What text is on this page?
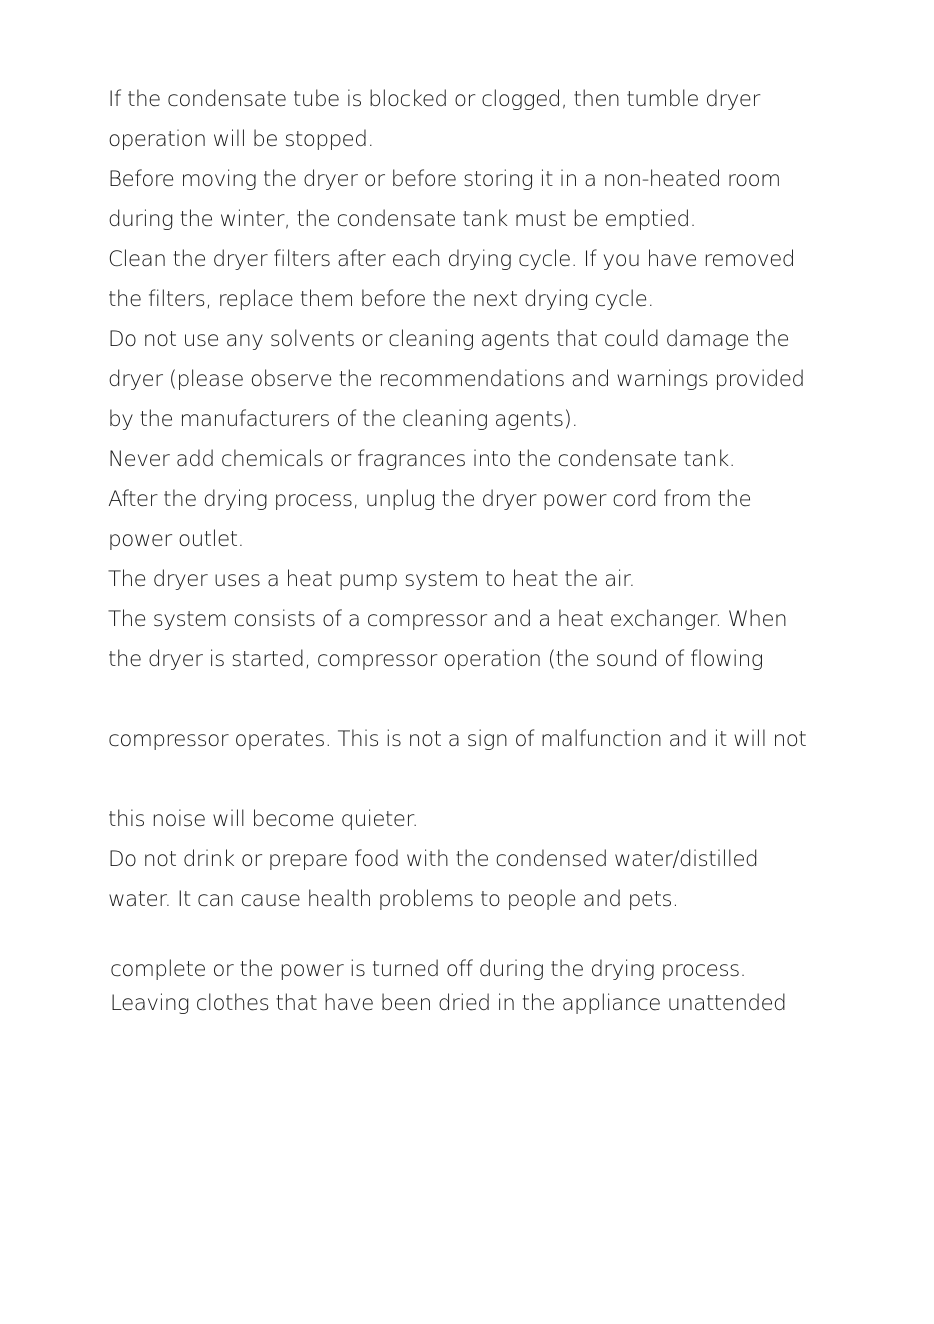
If the condensate tube is blocked or clogged, then tumble dryer
operation will be stopped.
Before moving the dryer or before storing it in a non-heated room
during the winter, the condensate tank must be emptied.
Clean the dryer filters after each drying cycle. If you have removed
the filters, replace them before the next drying cycle.
Do not use any solvents or cleaning agents that could damage the
dryer (please observe the recommendations and warnings provided
by the manufacturers of the cleaning agents).
Never add chemicals or fragrances into the condensate tank.
After the drying process, unplug the dryer power cord from the
power outlet.
The dryer uses a heat pump system to heat the air.
The system consists of a compressor and a heat exchanger. When
the dryer is started, compressor operation (the sound of flowing
compressor operates. This is not a sign of malfunction and it will not
this noise will become quieter.
Do not drink or prepare food with the condensed water/distilled
water. It can cause health problems to people and pets.
complete or the power is turned off during the drying process.
Leaving clothes that have been dried in the appliance unattended
